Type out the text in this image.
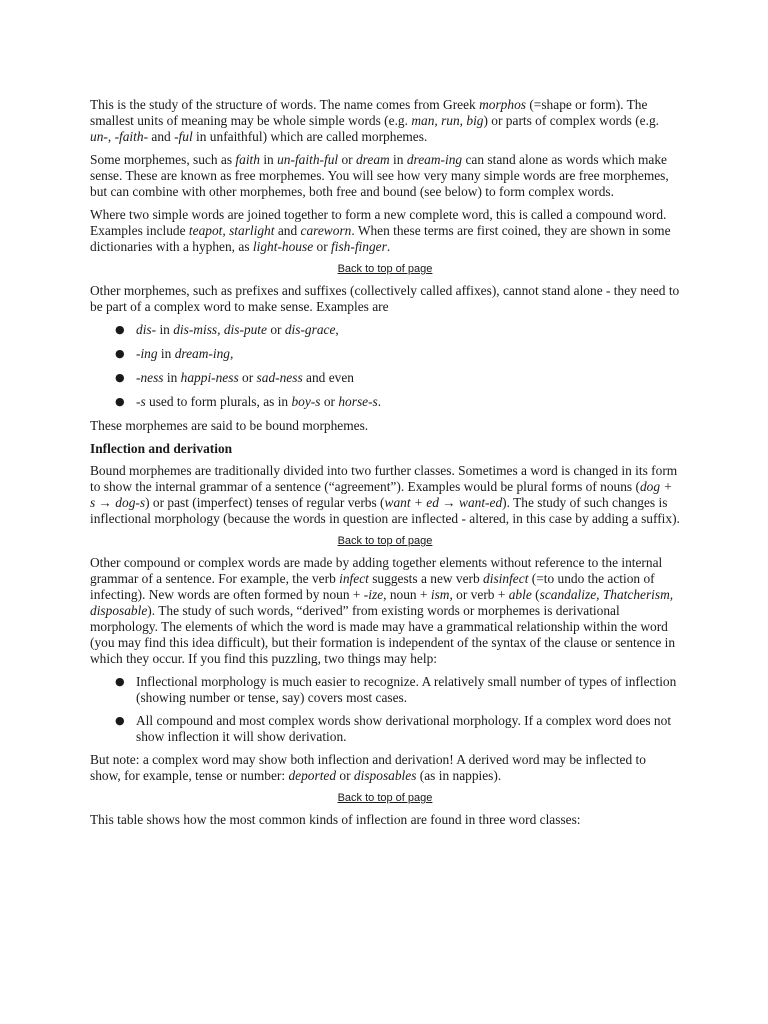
This is the study of the structure of words. The name comes from Greek morphos (=shape or form). The smallest units of meaning may be whole simple words (e.g. man, run, big) or parts of complex words (e.g. un-, -faith- and -ful in unfaithful) which are called morphemes.

Some morphemes, such as faith in un-faith-ful or dream in dream-ing can stand alone as words which make sense. These are known as free morphemes. You will see how very many simple words are free morphemes, but can combine with other morphemes, both free and bound (see below) to form complex words.

Where two simple words are joined together to form a new complete word, this is called a compound word. Examples include teapot, starlight and careworn. When these terms are first coined, they are shown in some dictionaries with a hyphen, as light-house or fish-finger.

Back to top of page

Other morphemes, such as prefixes and suffixes (collectively called affixes), cannot stand alone - they need to be part of a complex word to make sense. Examples are

● dis- in dis-miss, dis-pute or dis-grace,
● -ing in dream-ing,
● -ness in happi-ness or sad-ness and even
● -s used to form plurals, as in boy-s or horse-s.

These morphemes are said to be bound morphemes.

Inflection and derivation

Bound morphemes are traditionally divided into two further classes. Sometimes a word is changed in its form to show the internal grammar of a sentence (“agreement”). Examples would be plural forms of nouns (dog + s → dog-s) or past (imperfect) tenses of regular verbs (want + ed → want-ed). The study of such changes is inflectional morphology (because the words in question are inflected - altered, in this case by adding a suffix).

Back to top of page

Other compound or complex words are made by adding together elements without reference to the internal grammar of a sentence. For example, the verb infect suggests a new verb disinfect (=to undo the action of infecting). New words are often formed by noun + -ize, noun + ism, or verb + able (scandalize, Thatcherism, disposable). The study of such words, “derived” from existing words or morphemes is derivational morphology. The elements of which the word is made may have a grammatical relationship within the word (you may find this idea difficult), but their formation is independent of the syntax of the clause or sentence in which they occur. If you find this puzzling, two things may help:

● Inflectional morphology is much easier to recognize. A relatively small number of types of inflection (showing number or tense, say) covers most cases.
● All compound and most complex words show derivational morphology. If a complex word does not show inflection it will show derivation.

But note: a complex word may show both inflection and derivation! A derived word may be inflected to show, for example, tense or number: deported or disposables (as in nappies).

Back to top of page

This table shows how the most common kinds of inflection are found in three word classes:
